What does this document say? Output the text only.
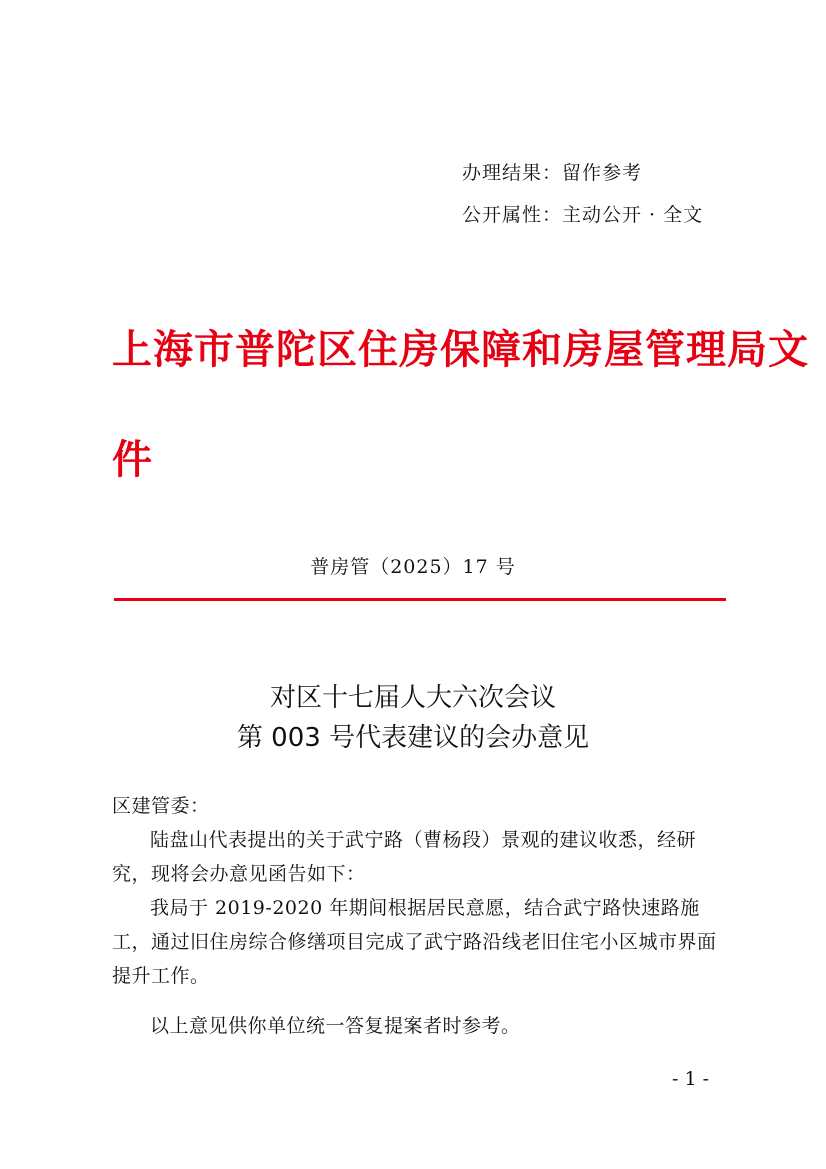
办理结果：留作参考
公开属性：主动公开 · 全文
上海市普陀区住房保障和房屋管理局文
件
普房管（2025）17 号
对区十七届人大六次会议
第 003 号代表建议的会办意见
区建管委：
陆盘山代表提出的关于武宁路（曹杨段）景观的建议收悉，经研究，现将会办意见函告如下：
我局于 2019-2020 年期间根据居民意愿，结合武宁路快速路施工，通过旧住房综合修缮项目完成了武宁路沿线老旧住宅小区城市界面提升工作。
以上意见供你单位统一答复提案者时参考。
- 1 -
